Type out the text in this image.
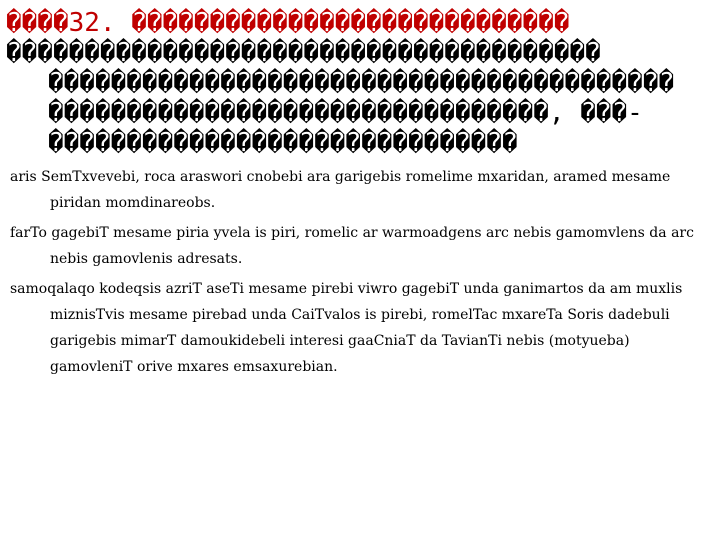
����32. ����������������������������
��������������������������������������
����������������������������������������
��������������������������������, ���-
������������������������������

aris SemTxvevebi, roca araswori cnobebi ara garigebis romelime mxaridan, aramed mesame piridan momdinareobs.

farTo gagebiT mesame piria yvela is piri, romelic ar warmoadgens arc nebis gamomvlens da arc nebis gamovlenis adresats.

samoqalaqo kodeqsis azriT aseTi mesame pirebi viwro gagebiT unda ganimartos da am muxlis miznisTvis mesame pirebad unda CaiTvalos is pirebi, romelTac mxareTa Soris dadebuli garigebis mimarT damoukidebeli interesi gaaCniaT da TavianTi nebis (motyueba) gamovleniT orive mxares emsaxurebian.
